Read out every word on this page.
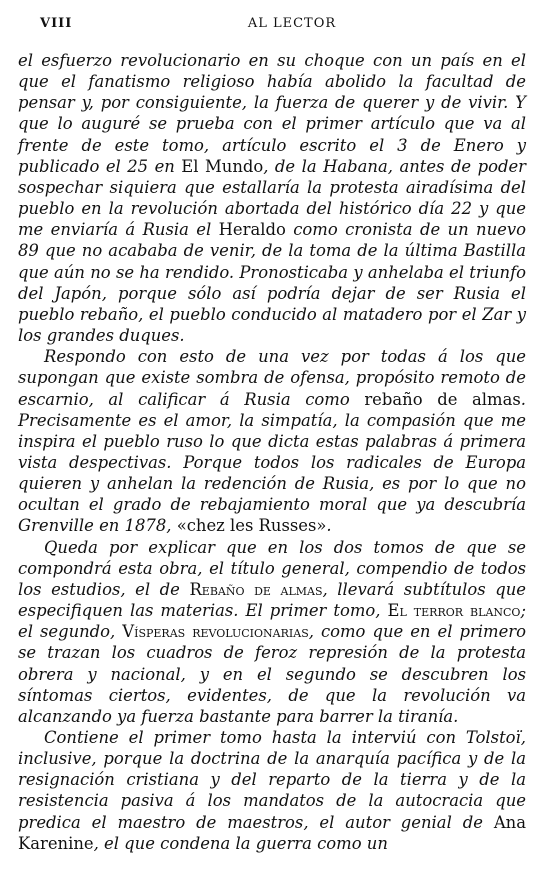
VIII	AL LECTOR

el esfuerzo revolucionario en su choque con un país en el que el fanatismo religioso había abolido la facultad de pensar y, por consiguiente, la fuerza de querer y de vivir. Y que lo auguré se prueba con el primer artículo que va al frente de este tomo, artículo escrito el 3 de Enero y publicado el 25 en El Mundo, de la Habana, antes de poder sospechar siquiera que estallaría la protesta airadísima del pueblo en la revolución abortada del histórico día 22 y que me enviaría á Rusia el Heraldo como cronista de un nuevo 89 que no acababa de venir, de la toma de la última Bastilla que aún no se ha rendido. Pronosticaba y anhelaba el triunfo del Japón, porque sólo así podría dejar de ser Rusia el pueblo rebaño, el pueblo conducido al matadero por el Zar y los grandes duques.

Respondo con esto de una vez por todas á los que supongan que existe sombra de ofensa, propósito remoto de escarnio, al calificar á Rusia como rebaño de almas. Precisamente es el amor, la simpatía, la compasión que me inspira el pueblo ruso lo que dicta estas palabras á primera vista despectivas. Porque todos los radicales de Europa quieren y anhelan la redención de Rusia, es por lo que no ocultan el grado de rebajamiento moral que ya descubría Grenville en 1878, «chez les Russes».

Queda por explicar que en los dos tomos de que se compondrá esta obra, el título general, compendio de todos los estudios, el de Rebaño de almas, llevará subtítulos que especifiquen las materias. El primer tomo, El terror blanco; el segundo, Vísperas revolucionarias, como que en el primero se trazan los cuadros de feroz represión de la protesta obrera y nacional, y en el segundo se descubren los síntomas ciertos, evidentes, de que la revolución va alcanzando ya fuerza bastante para barrer la tiranía.

Contiene el primer tomo hasta la interviú con Tolstoï, inclusive, porque la doctrina de la anarquía pacífica y de la resignación cristiana y del reparto de la tierra y de la resistencia pasiva á los mandatos de la autocracia que predica el maestro de maestros, el autor genial de Ana Karenine, el que condena la guerra como un
